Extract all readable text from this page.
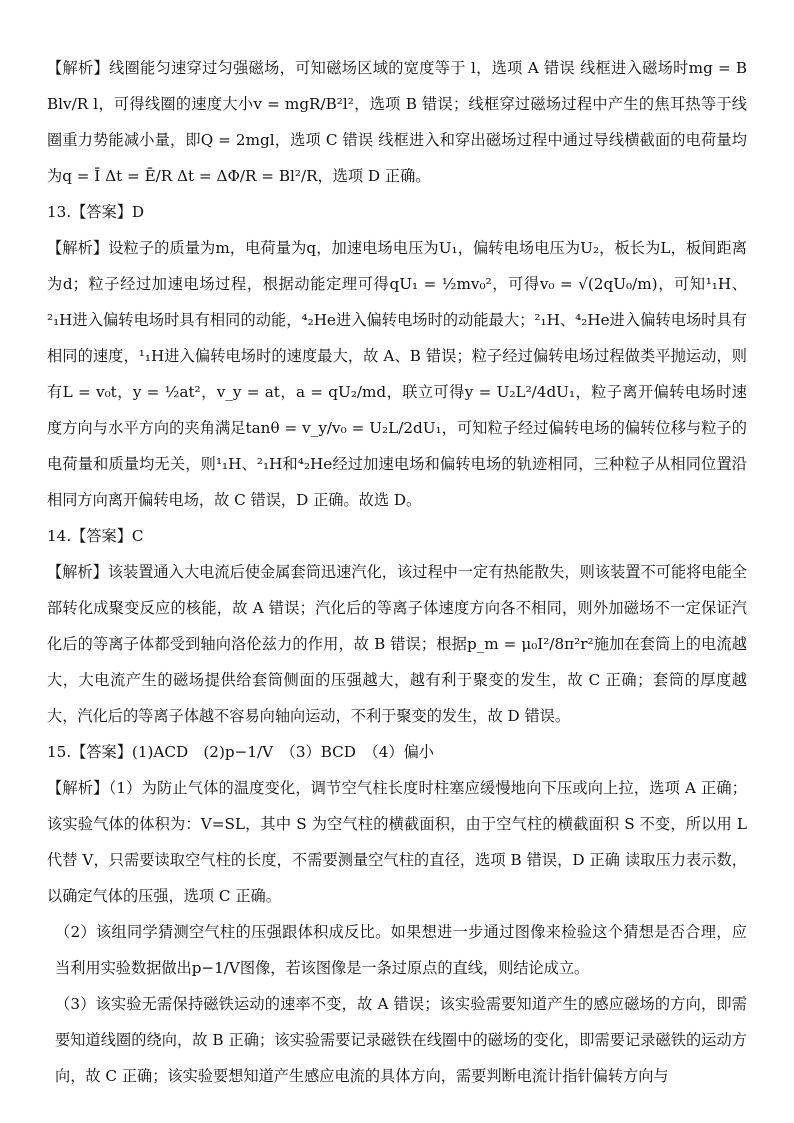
【解析】线圈能匀速穿过匀强磁场，可知磁场区域的宽度等于 l，选项 A 错误 线框进入磁场时mg = B Blv/R l，可得线圈的速度大小v = mgR/B²l²，选项 B 错误；线框穿过磁场过程中产生的焦耳热等于线圈重力势能减小量，即Q = 2mgl，选项 C 错误 线框进入和穿出磁场过程中通过导线横截面的电荷量均为q = Ī Δt = Ē/R Δt = ΔΦ/R = Bl²/R，选项 D 正确。

13.【答案】D

【解析】设粒子的质量为m，电荷量为q，加速电场电压为U₁，偏转电场电压为U₂，板长为L，板间距离为d；粒子经过加速电场过程，根据动能定理可得qU₁ = ½mv₀²，可得v₀ = √(2qU₀/m)，可知¹₁H、²₁H进入偏转电场时具有相同的动能，⁴₂He进入偏转电场时的动能最大；²₁H、⁴₂He进入偏转电场时具有相同的速度，¹₁H进入偏转电场时的速度最大，故 A、B 错误；粒子经过偏转电场过程做类平抛运动，则有L = v₀t，y = ½at²，v_y = at，a = qU₂/md，联立可得y = U₂L²/4dU₁，粒子离开偏转电场时速度方向与水平方向的夹角满足tanθ = v_y/v₀ = U₂L/2dU₁，可知粒子经过偏转电场的偏转位移与粒子的电荷量和质量均无关，则¹₁H、²₁H和⁴₂He经过加速电场和偏转电场的轨迹相同，三种粒子从相同位置沿相同方向离开偏转电场，故 C 错误，D 正确。故选 D。

14.【答案】C

【解析】该装置通入大电流后使金属套筒迅速汽化，该过程中一定有热能散失，则该装置不可能将电能全部转化成聚变反应的核能，故 A 错误；汽化后的等离子体速度方向各不相同，则外加磁场不一定保证汽化后的等离子体都受到轴向洛伦兹力的作用，故 B 错误；根据p_m = μ₀I²/8π²r²施加在套筒上的电流越大，大电流产生的磁场提供给套筒侧面的压强越大，越有利于聚变的发生，故 C 正确；套筒的厚度越大，汽化后的等离子体越不容易向轴向运动，不利于聚变的发生，故 D 错误。

15.【答案】(1)ACD　(2)p−1/V　（3）BCD　（4）偏小

【解析】（1）为防止气体的温度变化，调节空气柱长度时柱塞应缓慢地向下压或向上拉，选项 A 正确；该实验气体的体积为：V=SL，其中 S 为空气柱的横截面积，由于空气柱的横截面积 S 不变，所以用 L 代替 V，只需要读取空气柱的长度，不需要测量空气柱的直径，选项 B 错误，D 正确 读取压力表示数，以确定气体的压强，选项 C 正确。

（2）该组同学猜测空气柱的压强跟体积成反比。如果想进一步通过图像来检验这个猜想是否合理，应当利用实验数据做出p−1/V图像，若该图像是一条过原点的直线，则结论成立。

（3）该实验无需保持磁铁运动的速率不变，故 A 错误；该实验需要知道产生的感应磁场的方向，即需要知道线圈的绕向，故 B 正确；该实验需要记录磁铁在线圈中的磁场的变化，即需要记录磁铁的运动方向，故 C 正确；该实验要想知道产生感应电流的具体方向，需要判断电流计指针偏转方向与
